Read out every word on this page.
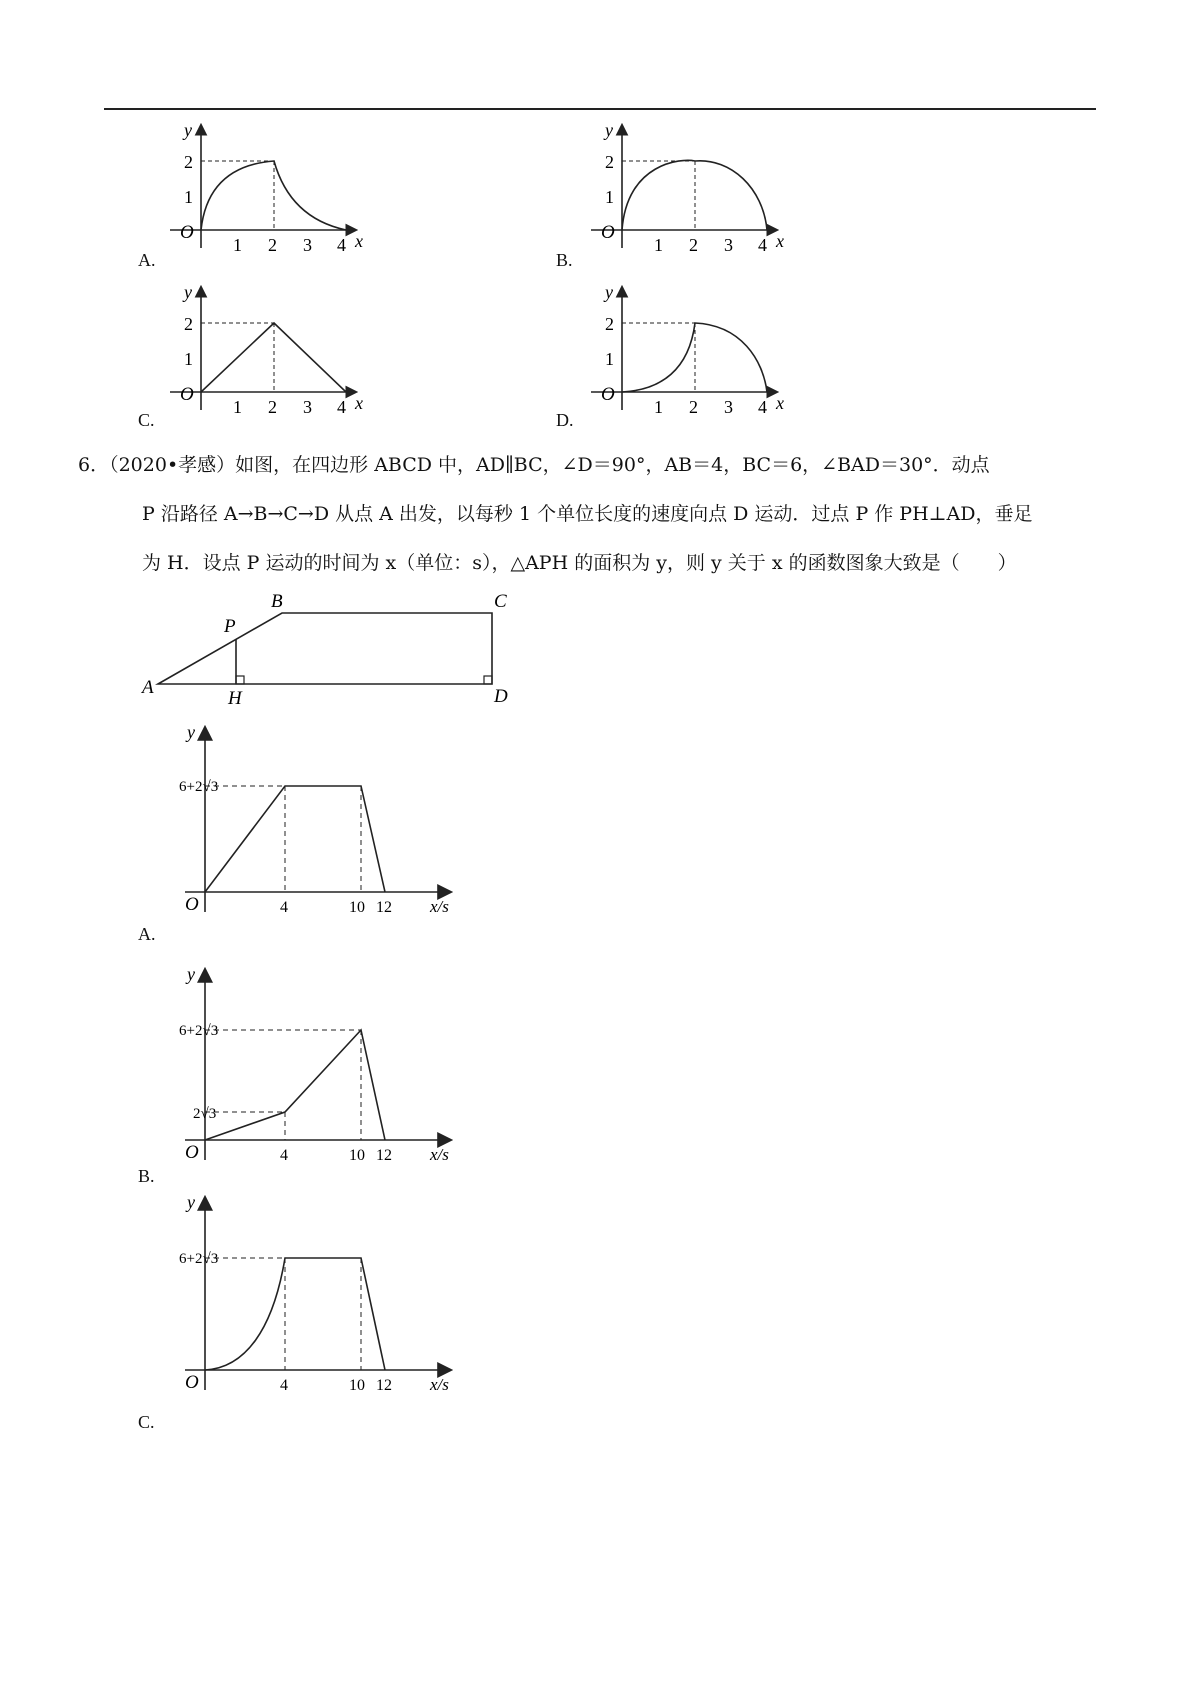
O
y
x
2
1
1 2 3 4
A.
O
y
x
2
1
1 2 3 4
B.
O
y
x
2
1
1 2 3 4
C.
O
y
x
2
1
1 2 3 4
D.

6．（2020•孝感）如图，在四边形 ABCD 中，AD∥BC，∠D＝90°，AB＝4，BC＝6，∠BAD＝30°．动点

P 沿路径 A→B→C→D 从点 A 出发，以每秒 1 个单位长度的速度向点 D 运动．过点 P 作 PH⊥AD，垂足

为 H．设点 P 运动的时间为 x（单位：s），△APH 的面积为 y，则 y 关于 x 的函数图象大致是（　　）

A
B	C
D
P
H
y
6+2√3
O	4	10 12 x/s
A.
y
6+2√3
2√3
O	4	10 12 x/s
B.
y
6+2√3
O	4	10 12 x/s
C.
